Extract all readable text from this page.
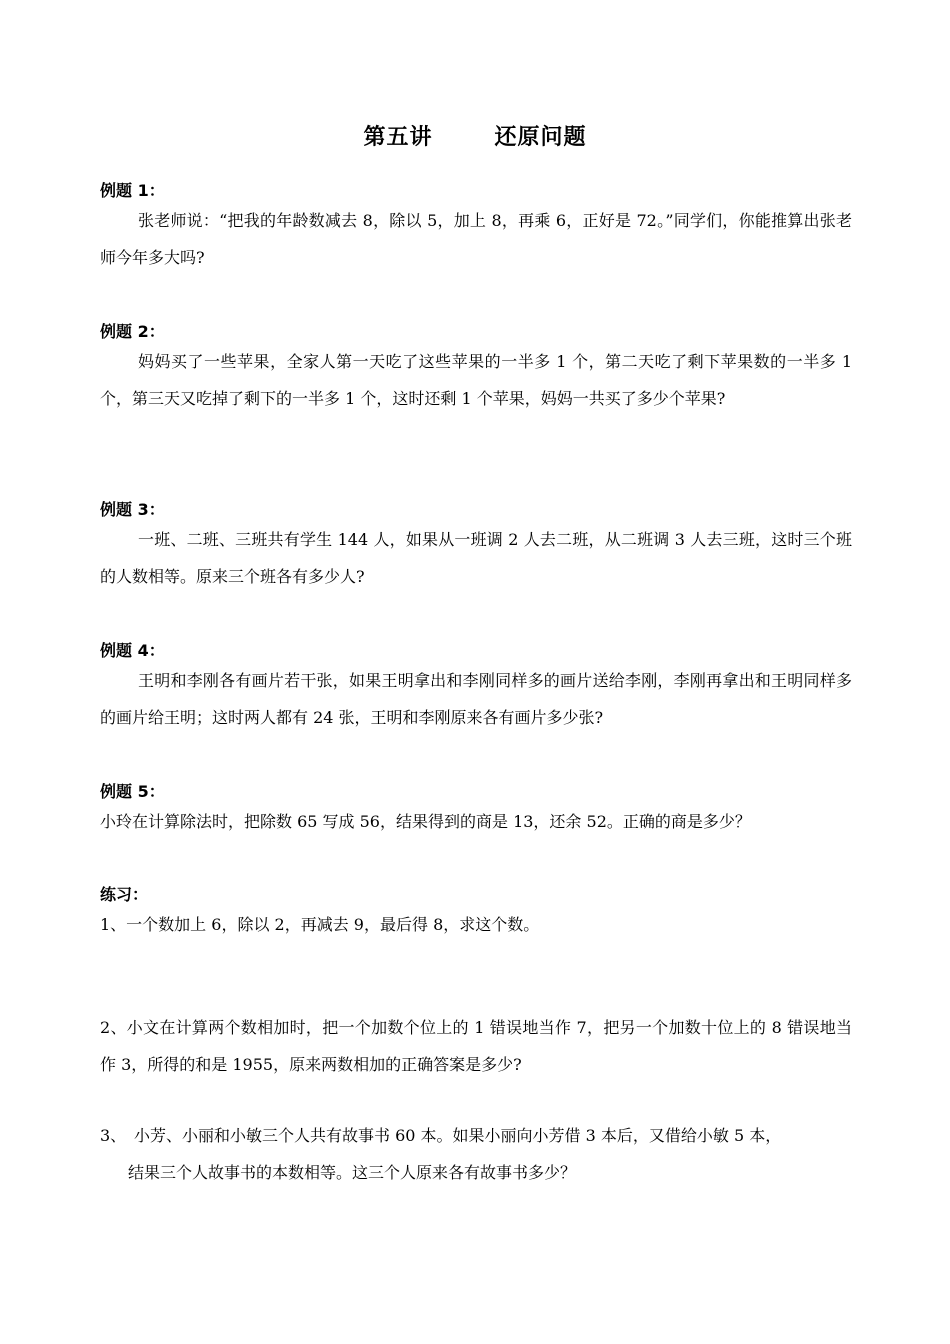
第五讲	还原问题
例题 1：
张老师说：“把我的年龄数减去 8，除以 5，加上 8，再乘 6，正好是 72。”同学们，你能推算出张老师今年多大吗?
例题 2：
妈妈买了一些苹果，全家人第一天吃了这些苹果的一半多 1 个，第二天吃了剩下苹果数的一半多 1 个，第三天又吃掉了剩下的一半多 1 个，这时还剩 1 个苹果，妈妈一共买了多少个苹果?
例题 3：
一班、二班、三班共有学生 144 人，如果从一班调 2 人去二班，从二班调 3 人去三班，这时三个班的人数相等。原来三个班各有多少人?
例题 4：
王明和李刚各有画片若干张，如果王明拿出和李刚同样多的画片送给李刚，李刚再拿出和王明同样多的画片给王明；这时两人都有 24 张，王明和李刚原来各有画片多少张?
例题 5：
小玲在计算除法时，把除数 65 写成 56，结果得到的商是 13，还余 52。正确的商是多少？
练习：
1、一个数加上 6，除以 2，再减去 9，最后得 8，求这个数。
2、小文在计算两个数相加时，把一个加数个位上的 1 错误地当作 7，把另一个加数十位上的 8 错误地当作 3，所得的和是 1955，原来两数相加的正确答案是多少?
3、 小芳、小丽和小敏三个人共有故事书 60 本。如果小丽向小芳借 3 本后，又借给小敏 5 本，
结果三个人故事书的本数相等。这三个人原来各有故事书多少？
